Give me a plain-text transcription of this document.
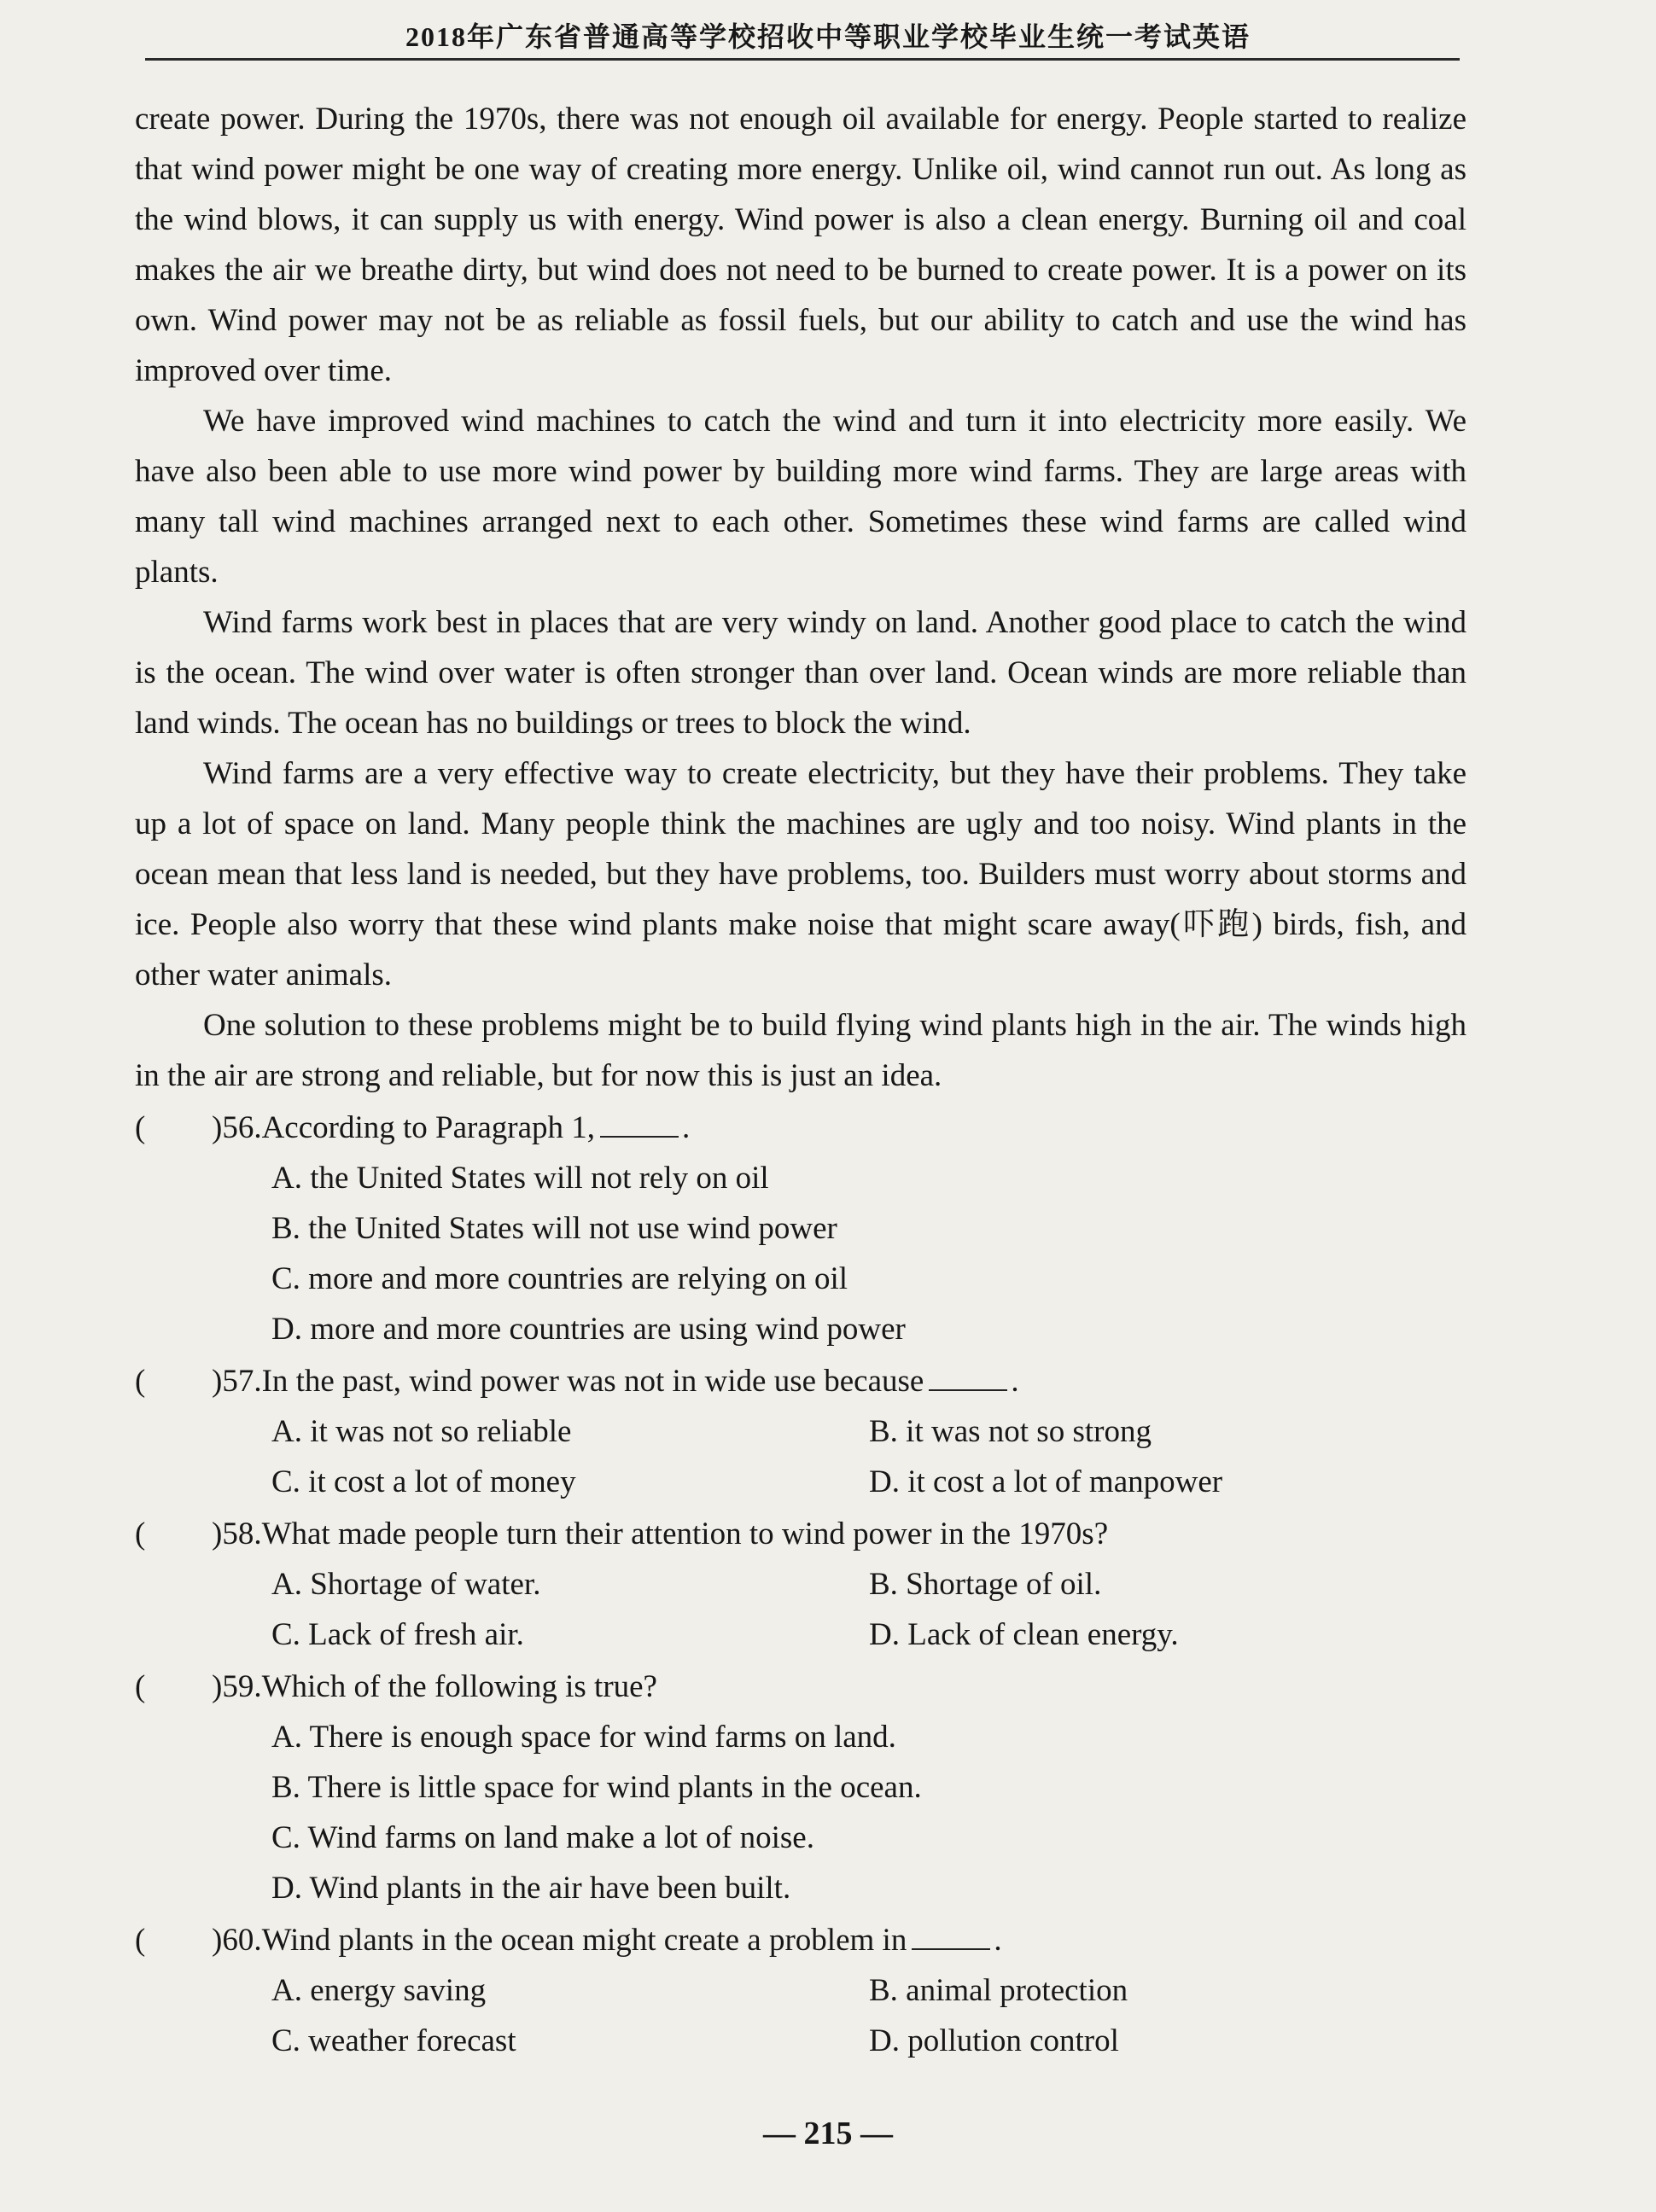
2018年广东省普通高等学校招收中等职业学校毕业生统一考试英语

create power. During the 1970s, there was not enough oil available for energy. People started to realize that wind power might be one way of creating more energy. Unlike oil, wind cannot run out. As long as the wind blows, it can supply us with energy. Wind power is also a clean energy. Burning oil and coal makes the air we breathe dirty, but wind does not need to be burned to create power. It is a power on its own. Wind power may not be as reliable as fossil fuels, but our ability to catch and use the wind has improved over time.

We have improved wind machines to catch the wind and turn it into electricity more easily. We have also been able to use more wind power by building more wind farms. They are large areas with many tall wind machines arranged next to each other. Sometimes these wind farms are called wind plants.

Wind farms work best in places that are very windy on land. Another good place to catch the wind is the ocean. The wind over water is often stronger than over land. Ocean winds are more reliable than land winds. The ocean has no buildings or trees to block the wind.

Wind farms are a very effective way to create electricity, but they have their problems. They take up a lot of space on land. Many people think the machines are ugly and too noisy. Wind plants in the ocean mean that less land is needed, but they have problems, too. Builders must worry about storms and ice. People also worry that these wind plants make noise that might scare away(吓跑) birds, fish, and other water animals.

One solution to these problems might be to build flying wind plants high in the air. The winds high in the air are strong and reliable, but for now this is just an idea.

(	)56. According to Paragraph 1,	.
A. the United States will not rely on oil
B. the United States will not use wind power
C. more and more countries are relying on oil
D. more and more countries are using wind power
(	)57. In the past, wind power was not in wide use because	.
A. it was not so reliable	B. it was not so strong
C. it cost a lot of money	D. it cost a lot of manpower
(	)58. What made people turn their attention to wind power in the 1970s?
A. Shortage of water.	B. Shortage of oil.
C. Lack of fresh air.	D. Lack of clean energy.
(	)59. Which of the following is true?
A. There is enough space for wind farms on land.
B. There is little space for wind plants in the ocean.
C. Wind farms on land make a lot of noise.
D. Wind plants in the air have been built.
(	)60. Wind plants in the ocean might create a problem in	.
A. energy saving	B. animal protection
C. weather forecast	D. pollution control
— 215 —
